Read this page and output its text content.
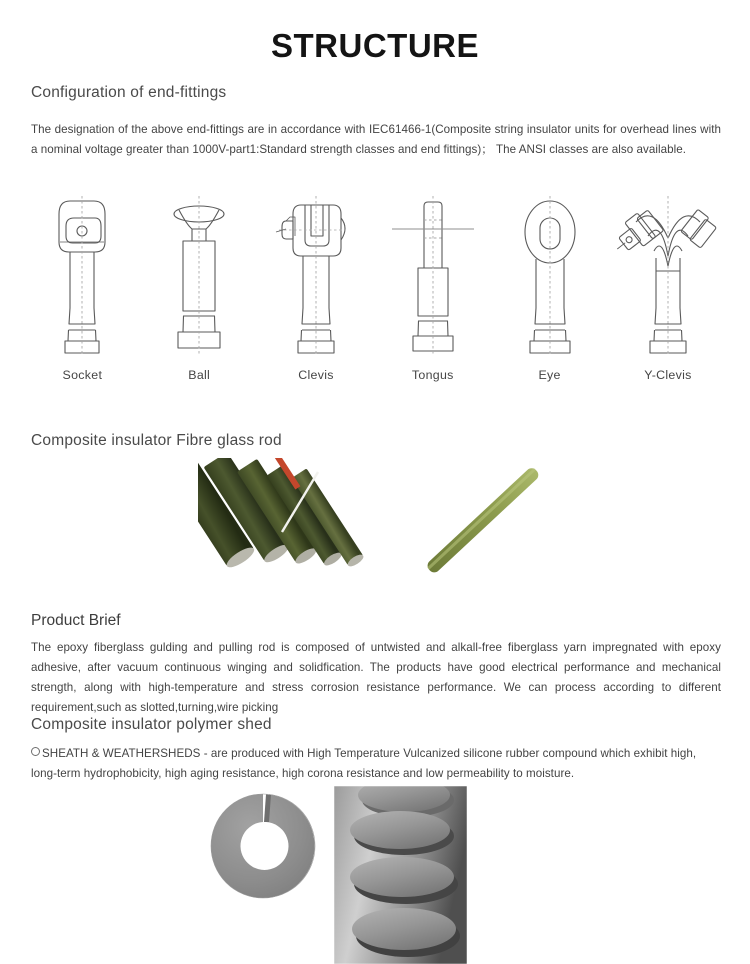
STRUCTURE
Configuration of end-fittings
The designation of the above end-fittings are in accordance with IEC61466-1(Composite string insulator units for overhead lines with a nominal voltage greater than 1000V-part1:Standard strength classes and end fittings)； The ANSI classes are also available.
Socket	Ball	Clevis	Tongus	Eye	Y-Clevis
Composite insulator Fibre glass rod
Product Brief
The epoxy fiberglass gulding and pulling rod is composed of untwisted and alkall-free fiberglass yarn impregnated with epoxy adhesive, after vacuum continuous winging and solidfication. The products have good electrical performance and mechanical strength, along with high-temperature and stress corrosion resistance performance. We can process according to different requirement,such as slotted,turning,wire picking
Composite insulator polymer shed
SHEATH & WEATHERSHEDS - are produced with High Temperature Vulcanized silicone rubber compound which exhibit high, long-term hydrophobicity, high aging resistance, high corona resistance and low permeability to moisture.
